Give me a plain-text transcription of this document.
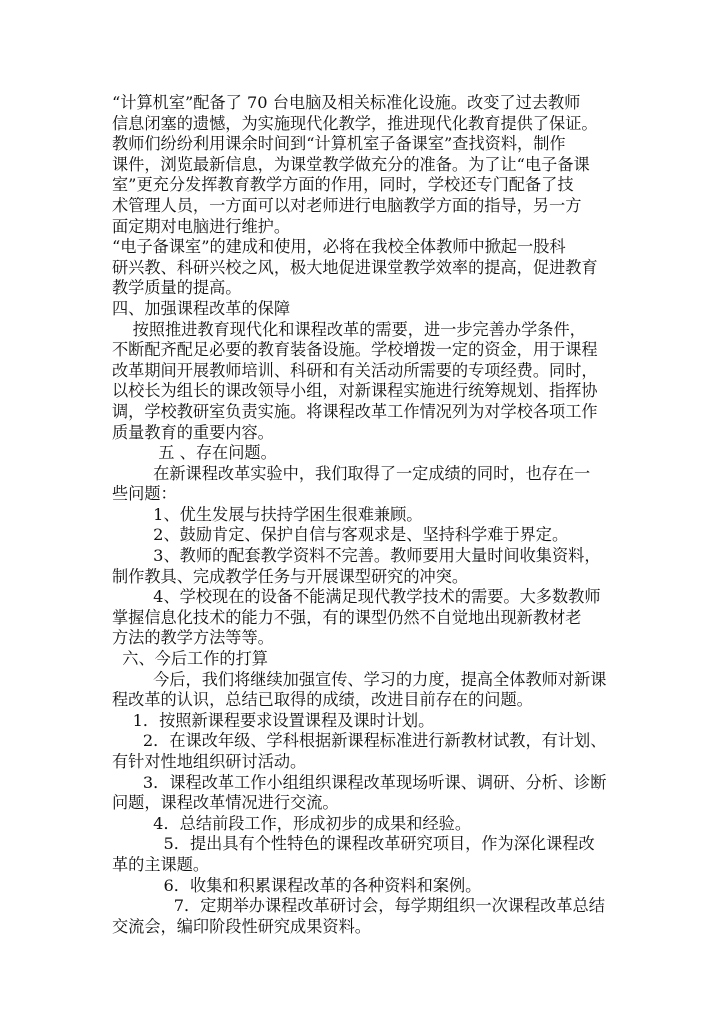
“计算机室”配备了 70 台电脑及相关标准化设施。改变了过去教师
信息闭塞的遗憾，为实施现代化教学，推进现代化教育提供了保证。
教师们纷纷利用课余时间到“计算机室子备课室”查找资料，制作
课件，浏览最新信息，为课堂教学做充分的准备。为了让“电子备课
室”更充分发挥教育教学方面的作用，同时，学校还专门配备了技
术管理人员，一方面可以对老师进行电脑教学方面的指导，另一方
面定期对电脑进行维护。
“电子备课室”的建成和使用，必将在我校全体教师中掀起一股科
研兴教、科研兴校之风，极大地促进课堂教学效率的提高，促进教育
教学质量的提高。
四、加强课程改革的保障
按照推进教育现代化和课程改革的需要，进一步完善办学条件，
不断配齐配足必要的教育装备设施。学校增拨一定的资金，用于课程
改革期间开展教师培训、科研和有关活动所需要的专项经费。同时，
以校长为组长的课改领导小组，对新课程实施进行统筹规划、指挥协
调，学校教研室负责实施。将课程改革工作情况列为对学校各项工作
质量教育的重要内容。
五 、存在问题。
在新课程改革实验中，我们取得了一定成绩的同时，也存在一
些问题：
1、优生发展与扶持学困生很难兼顾。
2、鼓励肯定、保护自信与客观求是、坚持科学难于界定。
3、教师的配套教学资料不完善。教师要用大量时间收集资料，
制作教具、完成教学任务与开展课型研究的冲突。
4、学校现在的设备不能满足现代教学技术的需要。大多数教师
掌握信息化技术的能力不强，有的课型仍然不自觉地出现新教材老
方法的教学方法等等。
六、今后工作的打算
今后，我们将继续加强宣传、学习的力度，提高全体教师对新课
程改革的认识，总结已取得的成绩，改进目前存在的问题。
1．按照新课程要求设置课程及课时计划。
2．在课改年级、学科根据新课程标准进行新教材试教，有计划、
有针对性地组织研讨活动。
3．课程改革工作小组组织课程改革现场听课、调研、分析、诊断
问题，课程改革情况进行交流。
4．总结前段工作，形成初步的成果和经验。
5．提出具有个性特色的课程改革研究项目，作为深化课程改
革的主课题。
6．收集和积累课程改革的各种资料和案例。
7．定期举办课程改革研讨会，每学期组织一次课程改革总结
交流会，编印阶段性研究成果资料。
